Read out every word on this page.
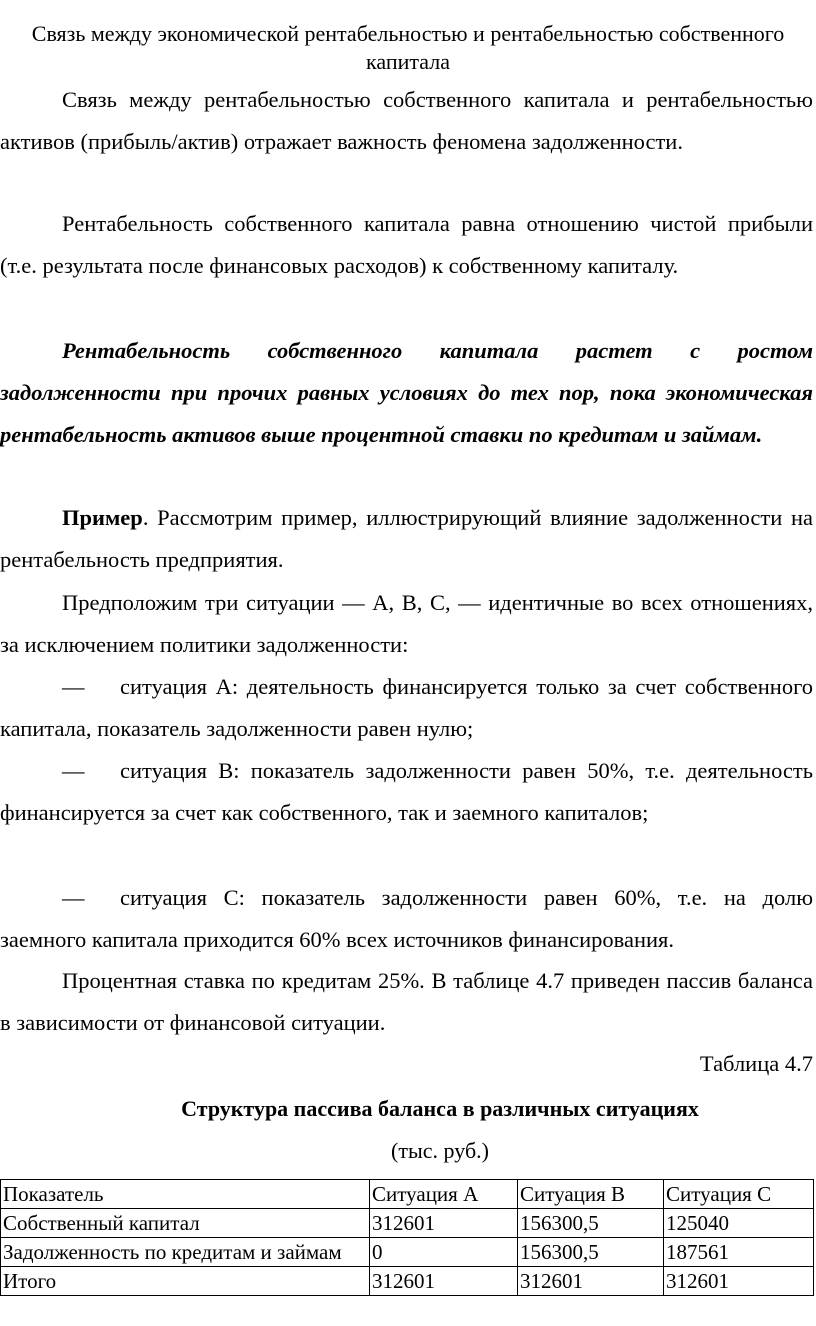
Связь между экономической рентабельностью и рентабельностью собственного капитала
Связь между рентабельностью собственного капитала и рентабельностью активов (прибыль/актив) отражает важность феномена задолженности.
Рентабельность собственного капитала равна отношению чистой прибыли (т.е. результата после финансовых расходов) к собственному капиталу.
Рентабельность собственного капитала растет с ростом задолженности при прочих равных условиях до тех пор, пока экономическая рентабельность активов выше процентной ставки по кредитам и займам.
Пример. Рассмотрим пример, иллюстрирующий влияние задолженности на рентабельность предприятия.
Предположим три ситуации — А, В, С, — идентичные во всех отношениях, за исключением политики задолженности:
— ситуация А: деятельность финансируется только за счет собственного капитала, показатель задолженности равен нулю;
— ситуация В: показатель задолженности равен 50%, т.е. деятельность финансируется за счет как собственного, так и заемного капиталов;
— ситуация С: показатель задолженности равен 60%, т.е. на долю заемного капитала приходится 60% всех источников финансирования.
Процентная ставка по кредитам 25%. В таблице 4.7 приведен пассив баланса в зависимости от финансовой ситуации.
Таблица 4.7
Структура пассива баланса в различных ситуациях
(тыс. руб.)
Показатель	Ситуация А	Ситуация В	Ситуация С
Собственный капитал	312601	156300,5	125040
Задолженность по кредитам и займам	0	156300,5	187561
Итого	312601	312601	312601
